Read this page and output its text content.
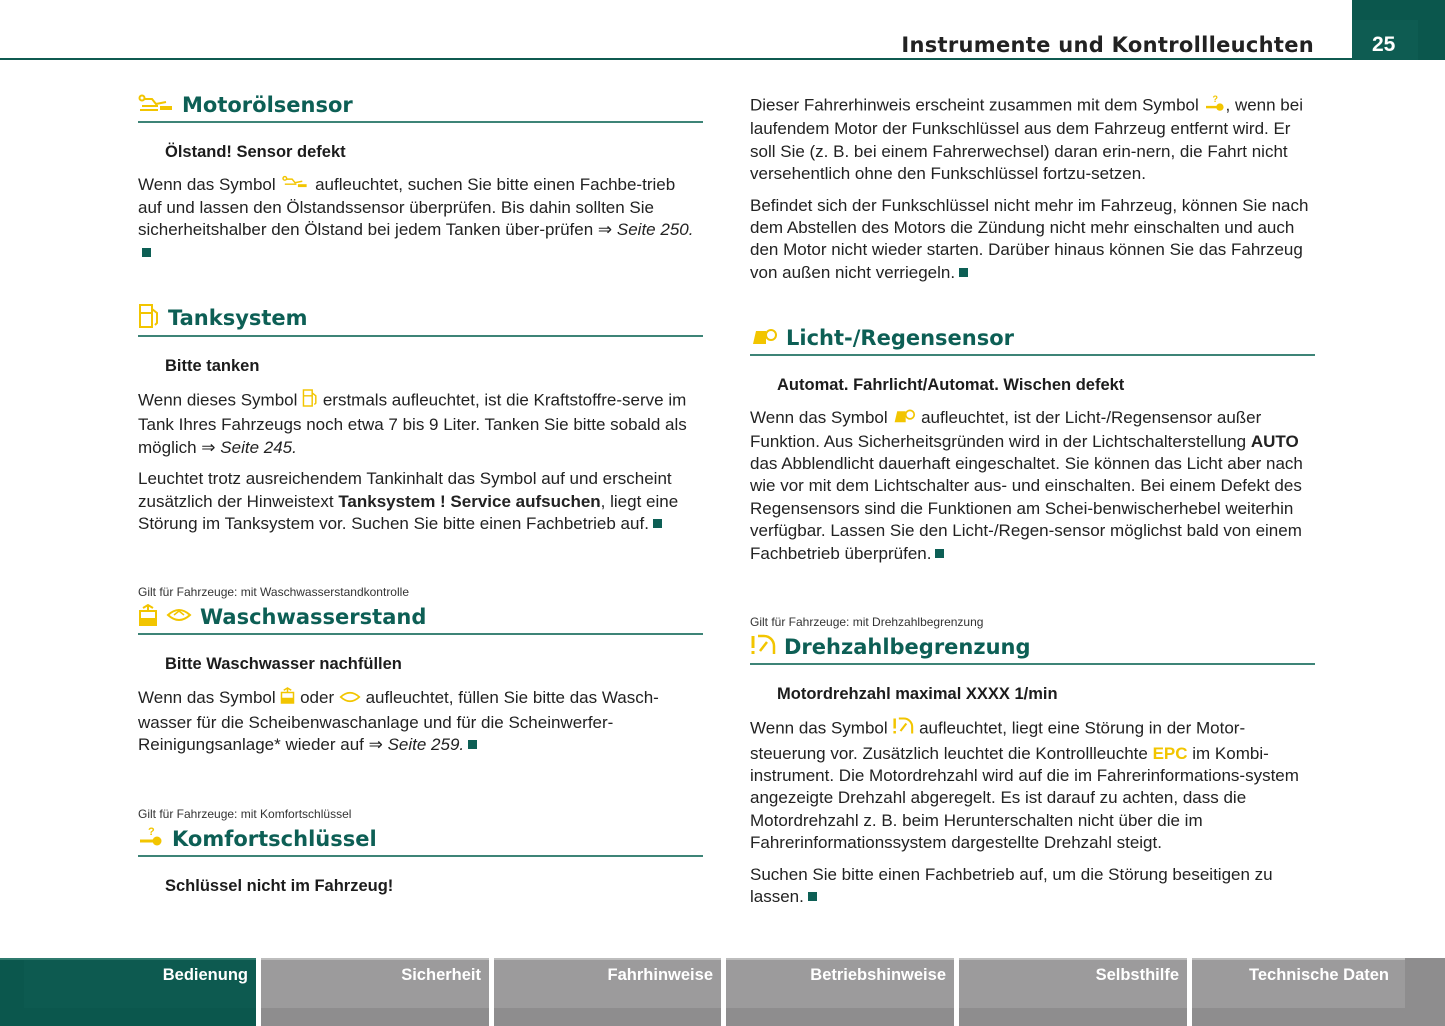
Instrumente und Kontrollleuchten	25
Motorölsensor
Ölstand! Sensor defekt

Wenn das Symbol  aufleuchtet, suchen Sie bitte einen Fachbe-trieb auf und lassen den Ölstandssensor überprüfen. Bis dahin sollten Sie sicherheitshalber den Ölstand bei jedem Tanken über-prüfen ⇒ Seite 250.

Tanksystem
Bitte tanken

Wenn dieses Symbol  erstmals aufleuchtet, ist die Kraftstoffre-serve im Tank Ihres Fahrzeugs noch etwa 7 bis 9 Liter. Tanken Sie bitte sobald als möglich ⇒ Seite 245.

Leuchtet trotz ausreichendem Tankinhalt das Symbol auf und erscheint zusätzlich der Hinweistext Tanksystem ! Service aufsuchen, liegt eine Störung im Tanksystem vor. Suchen Sie bitte einen Fachbetrieb auf.

Gilt für Fahrzeuge: mit Waschwasserstandkontrolle
Waschwasserstand
Bitte Waschwasser nachfüllen

Wenn das Symbol  oder  aufleuchtet, füllen Sie bitte das Wasch-wasser für die Scheibenwaschanlage und für die Scheinwerfer-Reinigungsanlage* wieder auf ⇒ Seite 259.

Gilt für Fahrzeuge: mit Komfortschlüssel
? Komfortschlüssel
Schlüssel nicht im Fahrzeug!

Dieser Fahrerhinweis erscheint zusammen mit dem Symbol ? , wenn bei laufendem Motor der Funkschlüssel aus dem Fahrzeug entfernt wird. Er soll Sie (z. B. bei einem Fahrerwechsel) daran erin-nern, die Fahrt nicht versehentlich ohne den Funkschlüssel fortzu-setzen.

Befindet sich der Funkschlüssel nicht mehr im Fahrzeug, können Sie nach dem Abstellen des Motors die Zündung nicht mehr einschalten und auch den Motor nicht wieder starten. Darüber hinaus können Sie das Fahrzeug von außen nicht verriegeln.

Licht-/Regensensor
Automat. Fahrlicht/Automat. Wischen defekt

Wenn das Symbol  aufleuchtet, ist der Licht-/Regensensor außer Funktion. Aus Sicherheitsgründen wird in der Lichtschalterstellung AUTO das Abblendlicht dauerhaft eingeschaltet. Sie können das Licht aber nach wie vor mit dem Lichtschalter aus- und einschalten. Bei einem Defekt des Regensensors sind die Funktionen am Schei-benwischerhebel weiterhin verfügbar. Lassen Sie den Licht-/Regen-sensor möglichst bald von einem Fachbetrieb überprüfen.

Gilt für Fahrzeuge: mit Drehzahlbegrenzung
Drehzahlbegrenzung
Motordrehzahl maximal XXXX 1/min

Wenn das Symbol  aufleuchtet, liegt eine Störung in der Motor-steuerung vor. Zusätzlich leuchtet die Kontrollleuchte EPC im Kombi-instrument. Die Motordrehzahl wird auf die im Fahrerinformations-system angezeigte Drehzahl abgeregelt. Es ist darauf zu achten, dass die Motordrehzahl z. B. beim Herunterschalten nicht über die im Fahrerinformationssystem dargestellte Drehzahl steigt.

Suchen Sie bitte einen Fachbetrieb auf, um die Störung beseitigen zu lassen.

Bedienung	Sicherheit	Fahrhinweise	Betriebshinweise	Selbsthilfe	Technische Daten
